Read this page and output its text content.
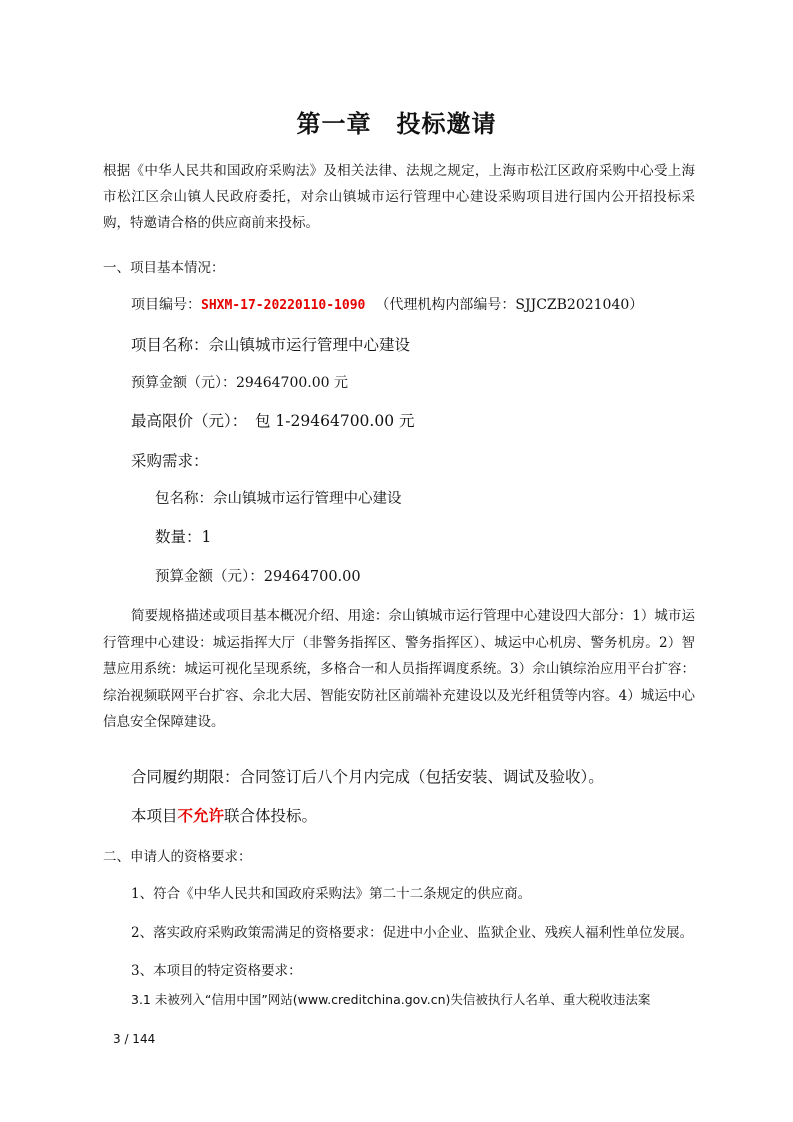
第一章　投标邀请
根据《中华人民共和国政府采购法》及相关法律、法规之规定，上海市松江区政府采购中心受上海市松江区佘山镇人民政府委托，对佘山镇城市运行管理中心建设采购项目进行国内公开招投标采购，特邀请合格的供应商前来投标。
一、项目基本情况：
项目编号：SHXM-17-20220110-1090 （代理机构内部编号：SJJCZB2021040）
项目名称：佘山镇城市运行管理中心建设
预算金额（元）：29464700.00 元
最高限价（元）：　包 1-29464700.00 元
采购需求：
包名称：佘山镇城市运行管理中心建设
数量：1
预算金额（元）：29464700.00
简要规格描述或项目基本概况介绍、用途：佘山镇城市运行管理中心建设四大部分：1）城市运行管理中心建设：城运指挥大厅（非警务指挥区、警务指挥区）、城运中心机房、警务机房。2）智慧应用系统：城运可视化呈现系统，多格合一和人员指挥调度系统。3）佘山镇综治应用平台扩容：综治视频联网平台扩容、佘北大居、智能安防社区前端补充建设以及光纤租赁等内容。4）城运中心信息安全保障建设。
合同履约期限：合同签订后八个月内完成（包括安装、调试及验收）。
本项目不允许联合体投标。
二、申请人的资格要求：
1、符合《中华人民共和国政府采购法》第二十二条规定的供应商。
2、落实政府采购政策需满足的资格要求：促进中小企业、监狱企业、残疾人福利性单位发展。
3、本项目的特定资格要求：
3.1 未被列入“信用中国”网站(www.creditchina.gov.cn)失信被执行人名单、重大税收违法案
3 / 144
